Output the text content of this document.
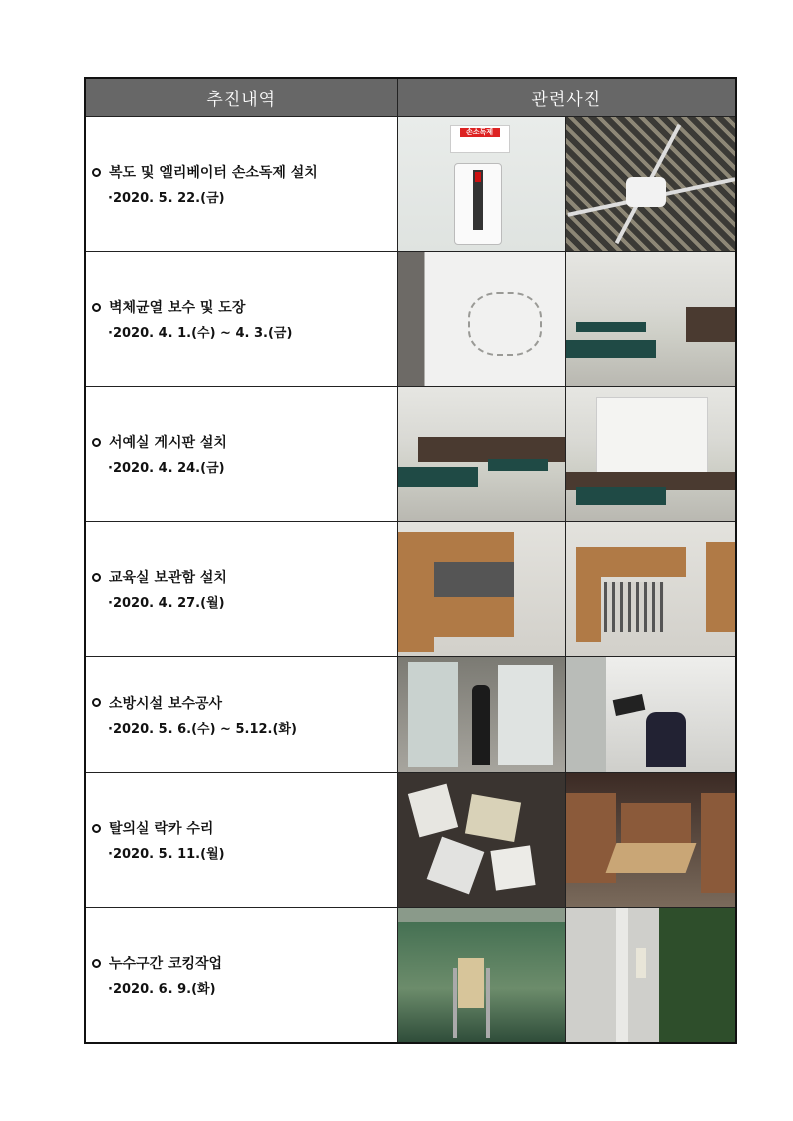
추진내역	관련사진	

복도 및 엘리베이터 손소독제 설치
·2020. 5. 22.(금)	손소독제	

벽체균열 보수 및 도장
·2020. 4. 1.(수) ~ 4. 3.(금)		

서예실 게시판 설치
·2020. 4. 24.(금)		

교육실 보관함 설치
·2020. 4. 27.(월)		

소방시설 보수공사
·2020. 5. 6.(수) ~ 5.12.(화)		

탈의실 락카 수리
·2020. 5. 11.(월)		

누수구간 코킹작업
·2020. 6. 9.(화)		
